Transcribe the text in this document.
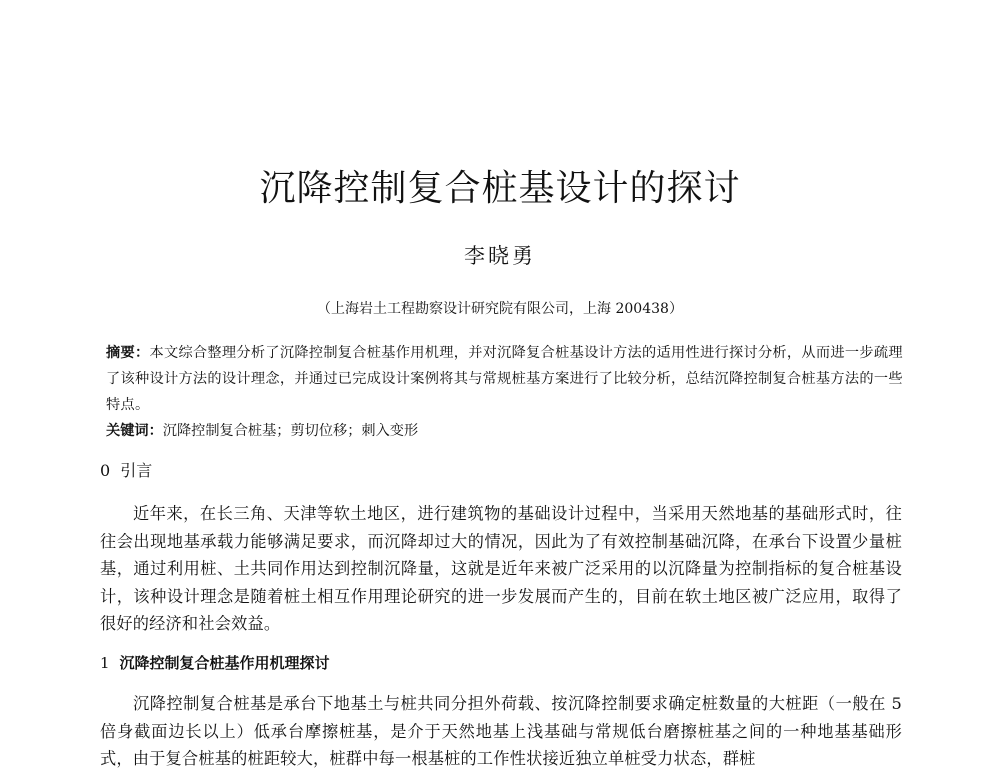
沉降控制复合桩基设计的探讨
李晓勇
（上海岩土工程勘察设计研究院有限公司，上海 200438）
摘要：本文综合整理分析了沉降控制复合桩基作用机理，并对沉降复合桩基设计方法的适用性进行探讨分析，从而进一步疏理了该种设计方法的设计理念，并通过已完成设计案例将其与常规桩基方案进行了比较分析，总结沉降控制复合桩基方法的一些特点。
关键词：沉降控制复合桩基；剪切位移；刺入变形
0 引言
近年来，在长三角、天津等软土地区，进行建筑物的基础设计过程中，当采用天然地基的基础形式时，往往会出现地基承载力能够满足要求，而沉降却过大的情况，因此为了有效控制基础沉降，在承台下设置少量桩基，通过利用桩、土共同作用达到控制沉降量，这就是近年来被广泛采用的以沉降量为控制指标的复合桩基设计，该种设计理念是随着桩土相互作用理论研究的进一步发展而产生的，目前在软土地区被广泛应用，取得了很好的经济和社会效益。
1 沉降控制复合桩基作用机理探讨
沉降控制复合桩基是承台下地基土与桩共同分担外荷载、按沉降控制要求确定桩数量的大桩距（一般在 5 倍身截面边长以上）低承台摩擦桩基，是介于天然地基上浅基础与常规低台磨擦桩基之间的一种地基基础形式，由于复合桩基的桩距较大，桩群中每一根基桩的工作性状接近独立单桩受力状态，群桩
